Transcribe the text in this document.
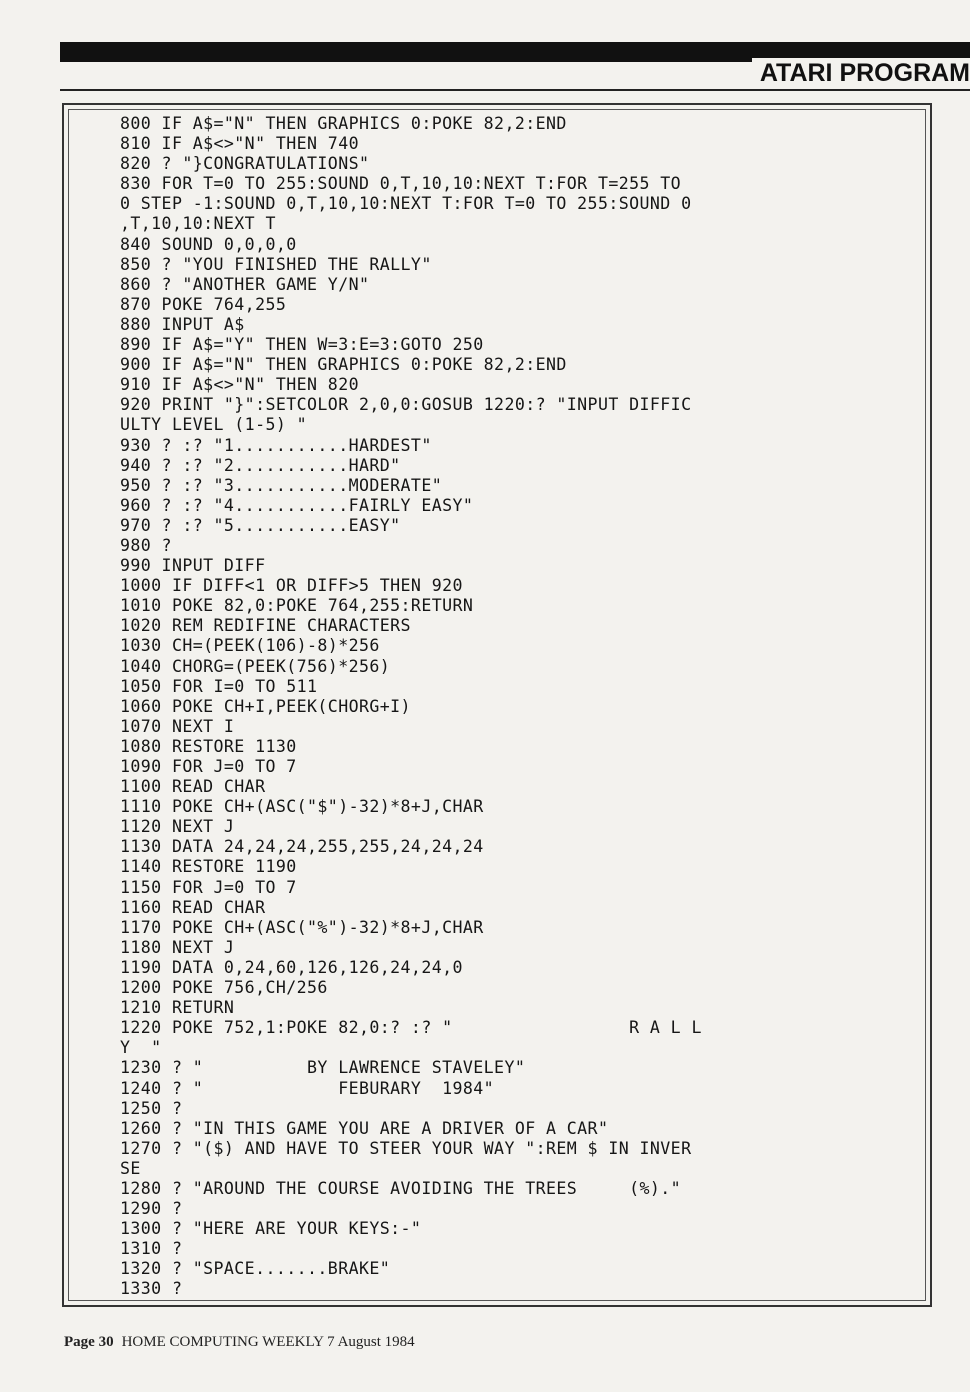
ATARI PROGRAM
800 IF A$="N" THEN GRAPHICS 0:POKE 82,2:END
810 IF A$<>"N" THEN 740
820 ? "}CONGRATULATIONS"
830 FOR T=0 TO 255:SOUND 0,T,10,10:NEXT T:FOR T=255 TO
0 STEP -1:SOUND 0,T,10,10:NEXT T:FOR T=0 TO 255:SOUND 0
,T,10,10:NEXT T
840 SOUND 0,0,0,0
850 ? "YOU FINISHED THE RALLY"
860 ? "ANOTHER GAME Y/N"
870 POKE 764,255
880 INPUT A$
890 IF A$="Y" THEN W=3:E=3:GOTO 250
900 IF A$="N" THEN GRAPHICS 0:POKE 82,2:END
910 IF A$<>"N" THEN 820
920 PRINT "}":SETCOLOR 2,0,0:GOSUB 1220:? "INPUT DIFFIC
ULTY LEVEL (1-5) "
930 ? :? "1...........HARDEST"
940 ? :? "2...........HARD"
950 ? :? "3...........MODERATE"
960 ? :? "4...........FAIRLY EASY"
970 ? :? "5...........EASY"
980 ?
990 INPUT DIFF
1000 IF DIFF<1 OR DIFF>5 THEN 920
1010 POKE 82,0:POKE 764,255:RETURN
1020 REM REDIFINE CHARACTERS
1030 CH=(PEEK(106)-8)*256
1040 CHORG=(PEEK(756)*256)
1050 FOR I=0 TO 511
1060 POKE CH+I,PEEK(CHORG+I)
1070 NEXT I
1080 RESTORE 1130
1090 FOR J=0 TO 7
1100 READ CHAR
1110 POKE CH+(ASC("$")-32)*8+J,CHAR
1120 NEXT J
1130 DATA 24,24,24,255,255,24,24,24
1140 RESTORE 1190
1150 FOR J=0 TO 7
1160 READ CHAR
1170 POKE CH+(ASC("%")-32)*8+J,CHAR
1180 NEXT J
1190 DATA 0,24,60,126,126,24,24,0
1200 POKE 756,CH/256
1210 RETURN
1220 POKE 752,1:POKE 82,0:? :? "                 R A L L
Y  "
1230 ? "          BY LAWRENCE STAVELEY"
1240 ? "             FEBURARY  1984"
1250 ?
1260 ? "IN THIS GAME YOU ARE A DRIVER OF A CAR"
1270 ? "($) AND HAVE TO STEER YOUR WAY ":REM $ IN INVER
SE
1280 ? "AROUND THE COURSE AVOIDING THE TREES     (%)."
1290 ?
1300 ? "HERE ARE YOUR KEYS:-"
1310 ?
1320 ? "SPACE.......BRAKE"
1330 ?
Page 30 HOME COMPUTING WEEKLY 7 August 1984
